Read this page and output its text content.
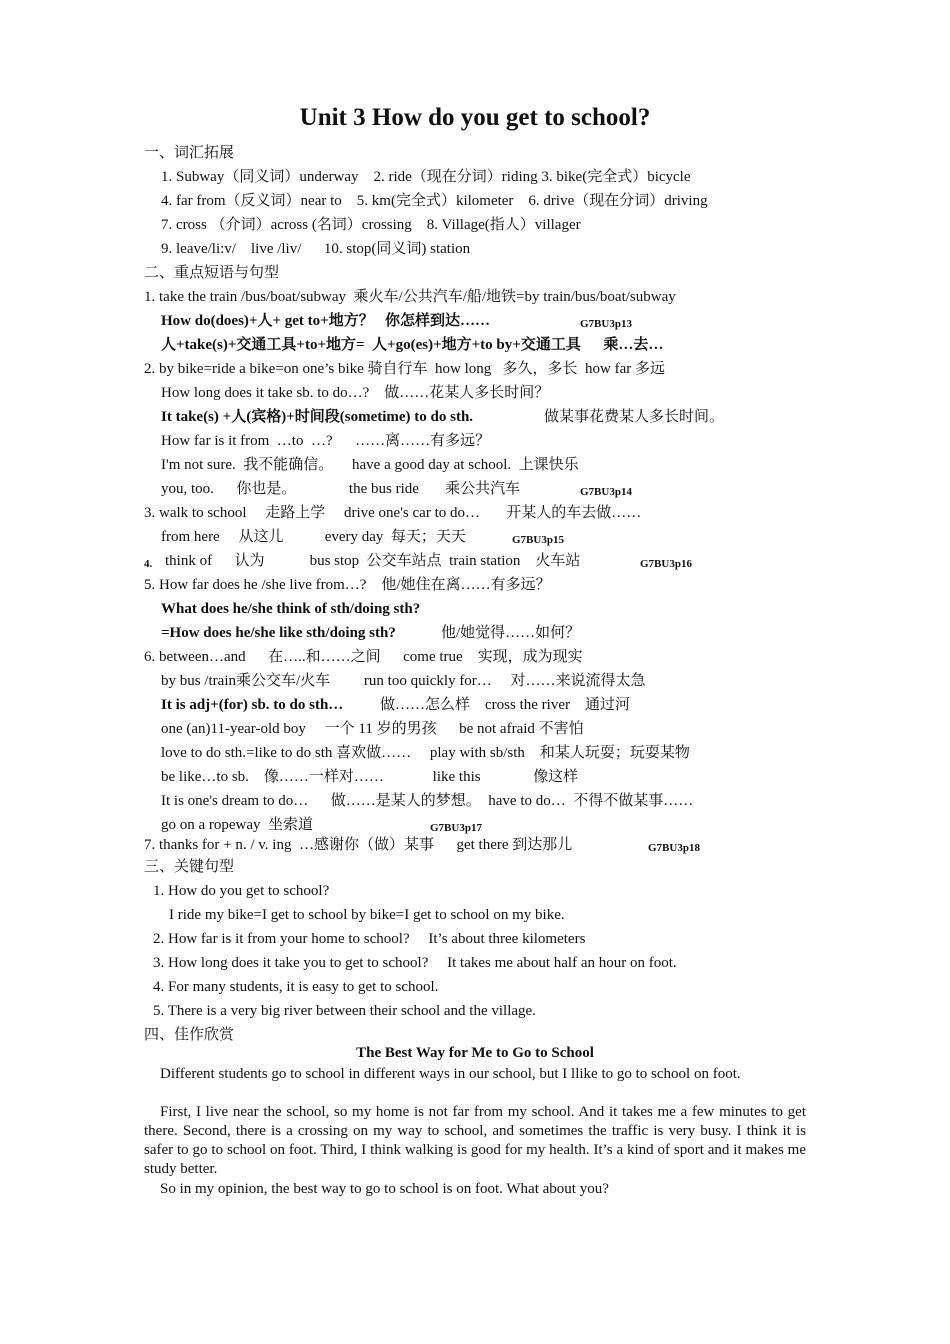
Unit 3 How do you get to school?
一、词汇拓展
1. Subway（同义词）underway    2. ride（现在分词）riding 3. bike(完全式）bicycle
4. far from（反义词）near to    5. km(完全式）kilometer    6. drive（现在分词）driving
7. cross （介词）across (名词）crossing    8. Village(指人）villager
9. leave/li:v/    live /liv/      10. stop(同义词) station
二、重点短语与句型
1. take the train /bus/boat/subway  乘火车/公共汽车/船/地铁=by train/bus/boat/subway
How do(does)+人+ get to+地方？   你怎样到达……	G7BU3p13
人+take(s)+交通工具+to+地方=  人+go(es)+地方+to by+交通工具      乘…去…
2. by bike=ride a bike=on one’s bike 骑自行车  how long   多久，多长  how far 多远
How long does it take sb. to do…?    做……花某人多长时间？
It take(s) +人(宾格)+时间段(sometime) to do sth.	做某事花费某人多长时间。
How far is it from  …to  …?      ……离……有多远？
I'm not sure.  我不能确信。     have a good day at school.  上课快乐
you, too.      你也是。              the bus ride       乘公共汽车	G7BU3p14
3. walk to school     走路上学     drive one's car to do…       开某人的车去做……
from here     从这儿           every day  每天；天天	G7BU3p15
4. think of      认为            bus stop  公交车站点  train station    火车站	G7BU3p16
5. How far does he /she live from…?    他/她住在离……有多远？
What does he/she think of sth/doing sth?
=How does he/she like sth/doing sth?	他/她觉得……如何？
6. between…and      在…..和……之间      come true    实现，成为现实
by bus /train乘公交车/火车         run too quickly for…     对……来说流得太急
It is adj+(for) sb. to do sth… 做……怎么样    cross the river    通过河
one (an)11-year-old boy     一个 11 岁的男孩      be not afraid 不害怕
love to do sth.=like to do sth 喜欢做……     play with sb/sth    和某人玩耍；玩耍某物
be like…to sb.    像……一样对……             like this              像这样
It is one's dream to do…      做……是某人的梦想。  have to do…  不得不做某事……
go on a ropeway  坐索道	G7BU3p17
7. thanks for + n. / v. ing  …感谢你（做）某事      get there 到达那儿	G7BU3p18
三、关键句型
1. How do you get to school?
I ride my bike=I get to school by bike=I get to school on my bike.
2. How far is it from your home to school?     It’s about three kilometers
3. How long does it take you to get to school?     It takes me about half an hour on foot.
4. For many students, it is easy to get to school.
5. There is a very big river between their school and the village.
四、佳作欣赏
The Best Way for Me to Go to School
Different students go to school in different ways in our school, but I llike to go to school on foot.
First, I live near the school, so my home is not far from my school. And it takes me a few minutes to get there. Second, there is a crossing on my way to school, and sometimes the traffic is very busy. I think it is safer to go to school on foot. Third, I think walking is good for my health. It’s a kind of sport and it makes me study better.
So in my opinion, the best way to go to school is on foot. What about you?
